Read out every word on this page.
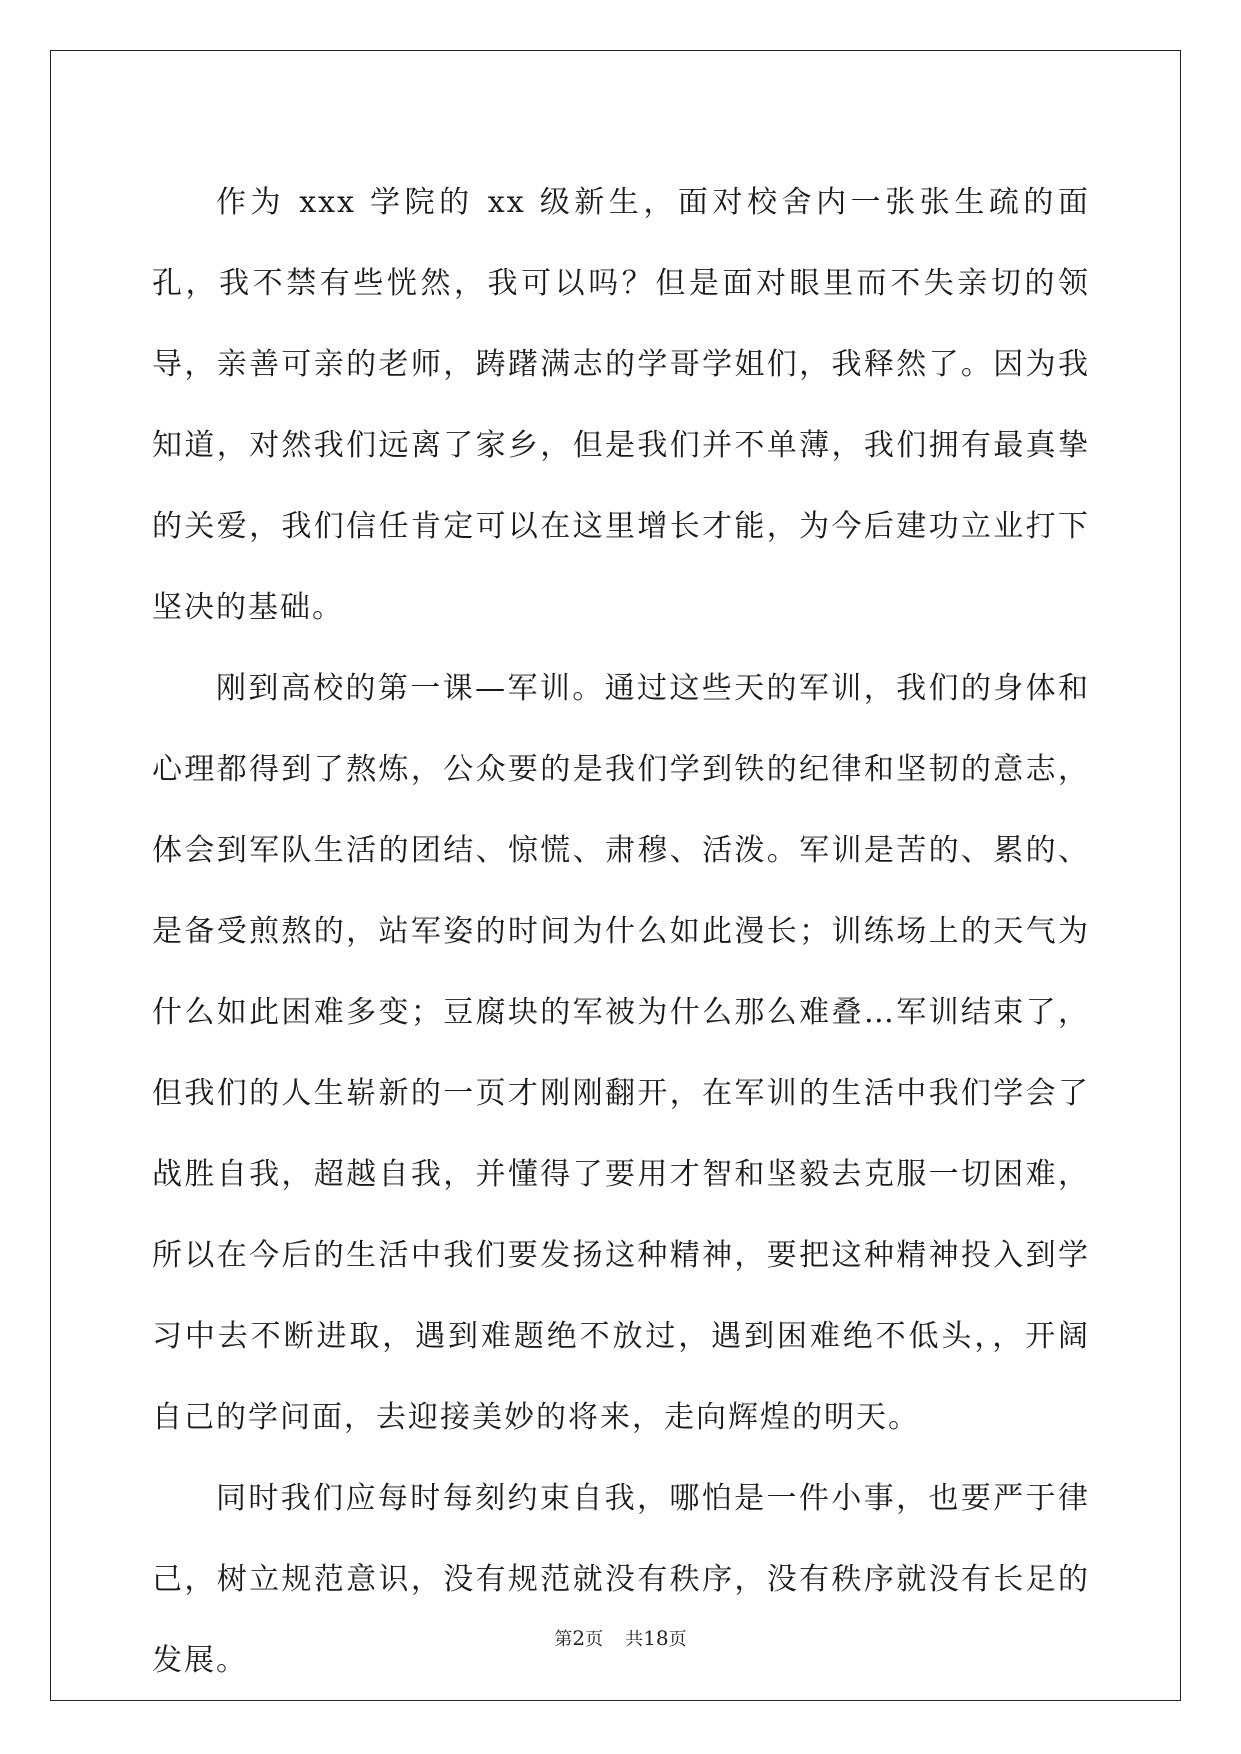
作为 xxx 学院的 xx 级新生，面对校舍内一张张生疏的面孔，我不禁有些恍然，我可以吗？但是面对眼里而不失亲切的领导，亲善可亲的老师，踌躇满志的学哥学姐们，我释然了。因为我知道，对然我们远离了家乡，但是我们并不单薄，我们拥有最真挚的关爱，我们信任肯定可以在这里增长才能，为今后建功立业打下坚决的基础。

刚到高校的第一课—军训。通过这些天的军训，我们的身体和心理都得到了熬炼，公众要的是我们学到铁的纪律和坚韧的意志，体会到军队生活的团结、惊慌、肃穆、活泼。军训是苦的、累的、是备受煎熬的，站军姿的时间为什么如此漫长；训练场上的天气为什么如此困难多变；豆腐块的军被为什么那么难叠…军训结束了，但我们的人生崭新的一页才刚刚翻开，在军训的生活中我们学会了战胜自我，超越自我，并懂得了要用才智和坚毅去克服一切困难，所以在今后的生活中我们要发扬这种精神，要把这种精神投入到学习中去不断进取，遇到难题绝不放过，遇到困难绝不低头，，开阔自己的学问面，去迎接美妙的将来，走向辉煌的明天。

同时我们应每时每刻约束自我，哪怕是一件小事，也要严于律己，树立规范意识，没有规范就没有秩序，没有秩序就没有长足的发展。

第2页 共18页
